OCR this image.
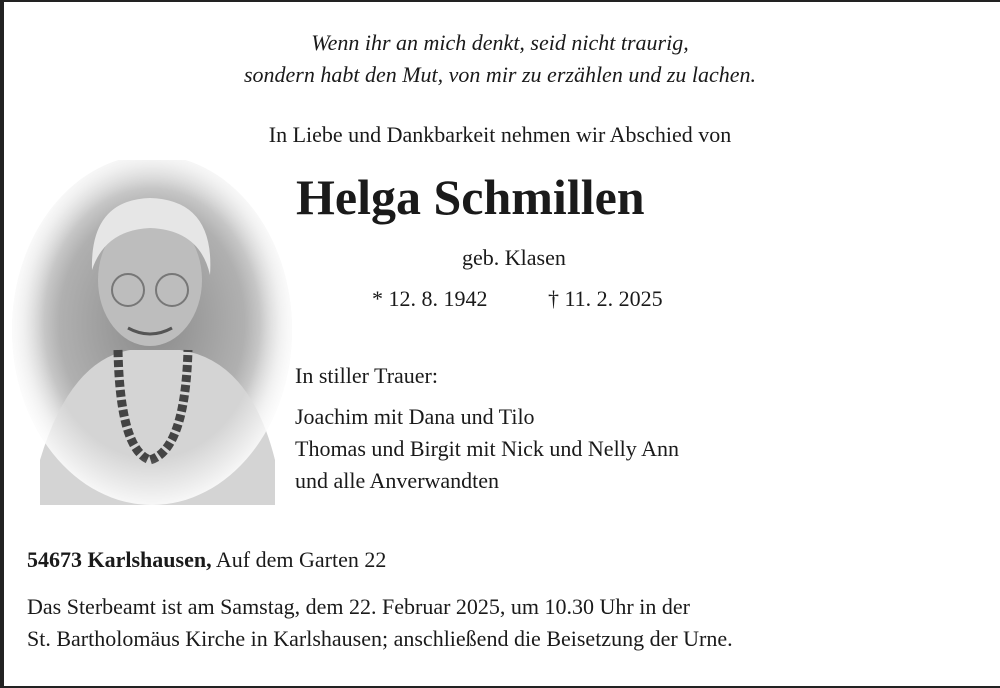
Wenn ihr an mich denkt, seid nicht traurig,
sondern habt den Mut, von mir zu erzählen und zu lachen.
In Liebe und Dankbarkeit nehmen wir Abschied von
Helga Schmillen
geb. Klasen
* 12. 8. 1942	† 11. 2. 2025
In stiller Trauer:
Joachim mit Dana und Tilo
Thomas und Birgit mit Nick und Nelly Ann
und alle Anverwandten
54673 Karlshausen, Auf dem Garten 22
Das Sterbeamt ist am Samstag, dem 22. Februar 2025, um 10.30 Uhr in der
St. Bartholomäus Kirche in Karlshausen; anschließend die Beisetzung der Urne.
